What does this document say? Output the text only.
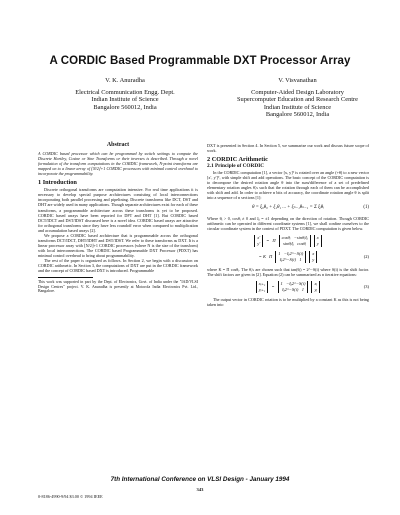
A CORDIC Based Programmable DXT Processor Array
V. K. Anuradha
Electrical Communication Engg. Dept.
Indian Institute of Science
Bangalore 560012, India
V. Visvanathan
Computer-Aided Design Laboratory
Supercomputer Education and Research Centre
Indian Institute of Science
Bangalore 560012, India
Abstract

A CORDIC based processor which can be programmed by switch settings to compute the Discrete Hartley, Cosine or Sine Transforms or their inverses is described. Through a novel formulation of the transform computations in the CORDIC framework, N-point transforms are mapped on to a linear array of ⌊N/2⌋+1 CORDIC processors with minimal control overhead to incorporate the programmability.

1 Introduction

Discrete orthogonal transforms are computation intensive. For real time applications it is necessary to develop special purpose architectures consisting of local interconnections incorporating both parallel processing and pipelining. Discrete transforms like DCT, DST and DHT are widely used in many applications. Though separate architectures exist for each of these transforms, a programmable architecture across these transforms is yet to be proposed. CORDIC based arrays have been reported for DFT and DHT [1]. But CORDIC based DCT/IDCT and DST/IDST discussed here is a novel idea. CORDIC based arrays are attractive for orthogonal transforms since they have less roundoff error when compared to multiplication and accumulation based arrays [2].

We propose a CORDIC based architecture that is programmable across the orthogonal transforms DCT/IDCT, DHT/IDHT and DST/IDST. We refer to these transforms as DXT. It is a linear processor array with ⌊N/2⌋+1 CORDIC processors (where N is the size of the transform) with local interconnections. The CORDIC based Programmable DXT Processor (PDXT) has minimal control overhead to bring about programmability.

The rest of the paper is organized as follows. In Section 2, we begin with a discussion on CORDIC arithmetic. In Section 3, the computations of DXT are put in the CORDIC framework and the concept of CORDIC based DXT is introduced. Programmable

This work was supported in part by the Dept. of Electronics, Govt. of India under the "IAD/VLSI Design Centres" project. V. K. Anuradha is presently at Motorola India Electronics Pvt. Ltd., Bangalore.

DXT is presented in Section 4. In Section 5, we summarize our work and discuss future scope of work.

2 CORDIC Arithmetic
2.1 Principle of CORDIC

In the CORDIC computation [1], a vector [x, y]ᵀ is rotated over an angle (+θ) to a new vector [x′, y′]ᵀ, with simple shift and add operations. The basic concept of the CORDIC computation is to decompose the desired rotation angle θ into the sum/difference of a set of predefined elementary rotation angles θᵢ's such that the rotation through each of them can be accomplished with shift and add. In order to achieve n bits of accuracy, the coordinate rotation angle θ is split into a sequence of n sections [1]:

θ = ξ₀θ₀ + ξ₁θ₁ ... + ξₙ₋₁θₙ₋₁ = Σ ξᵢθᵢ	(1)

Where θᵢ > 0, cosθᵢ ≠ 0 and ξᵢ = ±1 depending on the direction of rotation. Though CORDIC arithmetic can be operated in different coordinate systems [1], we shall confine ourselves to the circular coordinate system in the context of PDXT. The CORDIC computation is given below.

x′
y′
= Π
cosθᵢ   −sinθᵢξᵢ
sinθᵢξᵢ   cosθᵢ
x
y
= K Π
1   −ξᵢ2^−S(i)
ξᵢ2^−S(i)   1
x
y
(2)

where K = Π cosθᵢ. The θᵢ's are chosen such that tan(θᵢ) = 2^−S(i) where S(i) is the shift factor. The shift factors are given in [2]. Equation (2) can be summarized as n iterative equations:

xᵢ₊₁
yᵢ₊₁
=
1   −ξᵢ2^−S(i)
ξᵢ2^−S(i)   1
xᵢ
yᵢ
(3)

The output vector in CORDIC rotation is to be multiplied by a constant K as this is not being taken into

7th International Conference on VLSI Design - January 1994
343
0-8186-4990-9/94 $3.00 © 1994 IEEE
